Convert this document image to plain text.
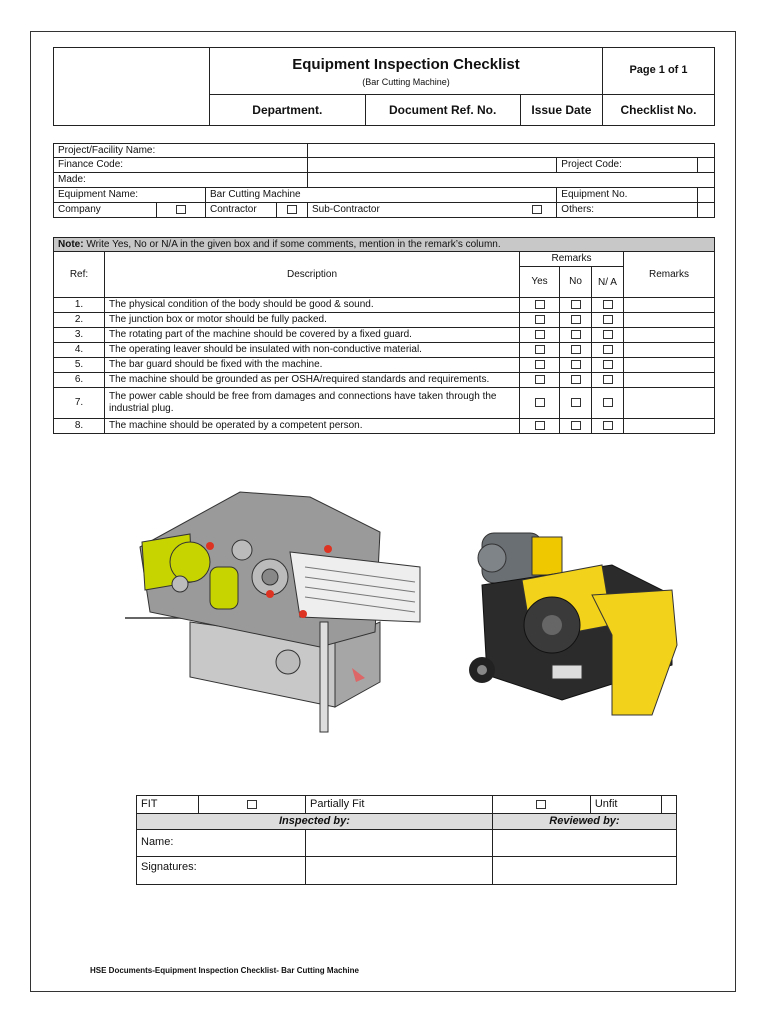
	Equipment Inspection Checklist
(Bar Cutting Machine)			Page 1 of 1
	Department.	Document Ref. No.	Issue Date	Checklist No.
Project/Facility Name:							
Finance Code:						Project Code:	
Made:							
Equipment Name:		Bar Cutting Machine				Equipment No.	
Company		Contractor		Sub-Contractor		Others:	
Note: Write Yes, No or N/A in the given box and if some comments, mention in the remark’s column.					
Ref:	Description	Remarks			Remarks
		Yes	No	N/ A	
1.	The physical condition of the body should be good & sound.				
2.	The junction box or motor should be fully packed.				
3.	The rotating part of the machine should be covered by a fixed guard.				
4.	The operating leaver should be insulated with non-conductive material.				
5.	The bar guard should be fixed with the machine.				
6.	The machine should be grounded as per OSHA/required standards and requirements.				
7.	The power cable should be free from damages and connections have taken through the industrial plug.				
8.	The machine should be operated by a competent person.				
FIT		Partially Fit		Unfit	
Inspected by:			Reviewed by:		
Name:					
Signatures:					
HSE Documents-Equipment Inspection Checklist- Bar Cutting Machine
